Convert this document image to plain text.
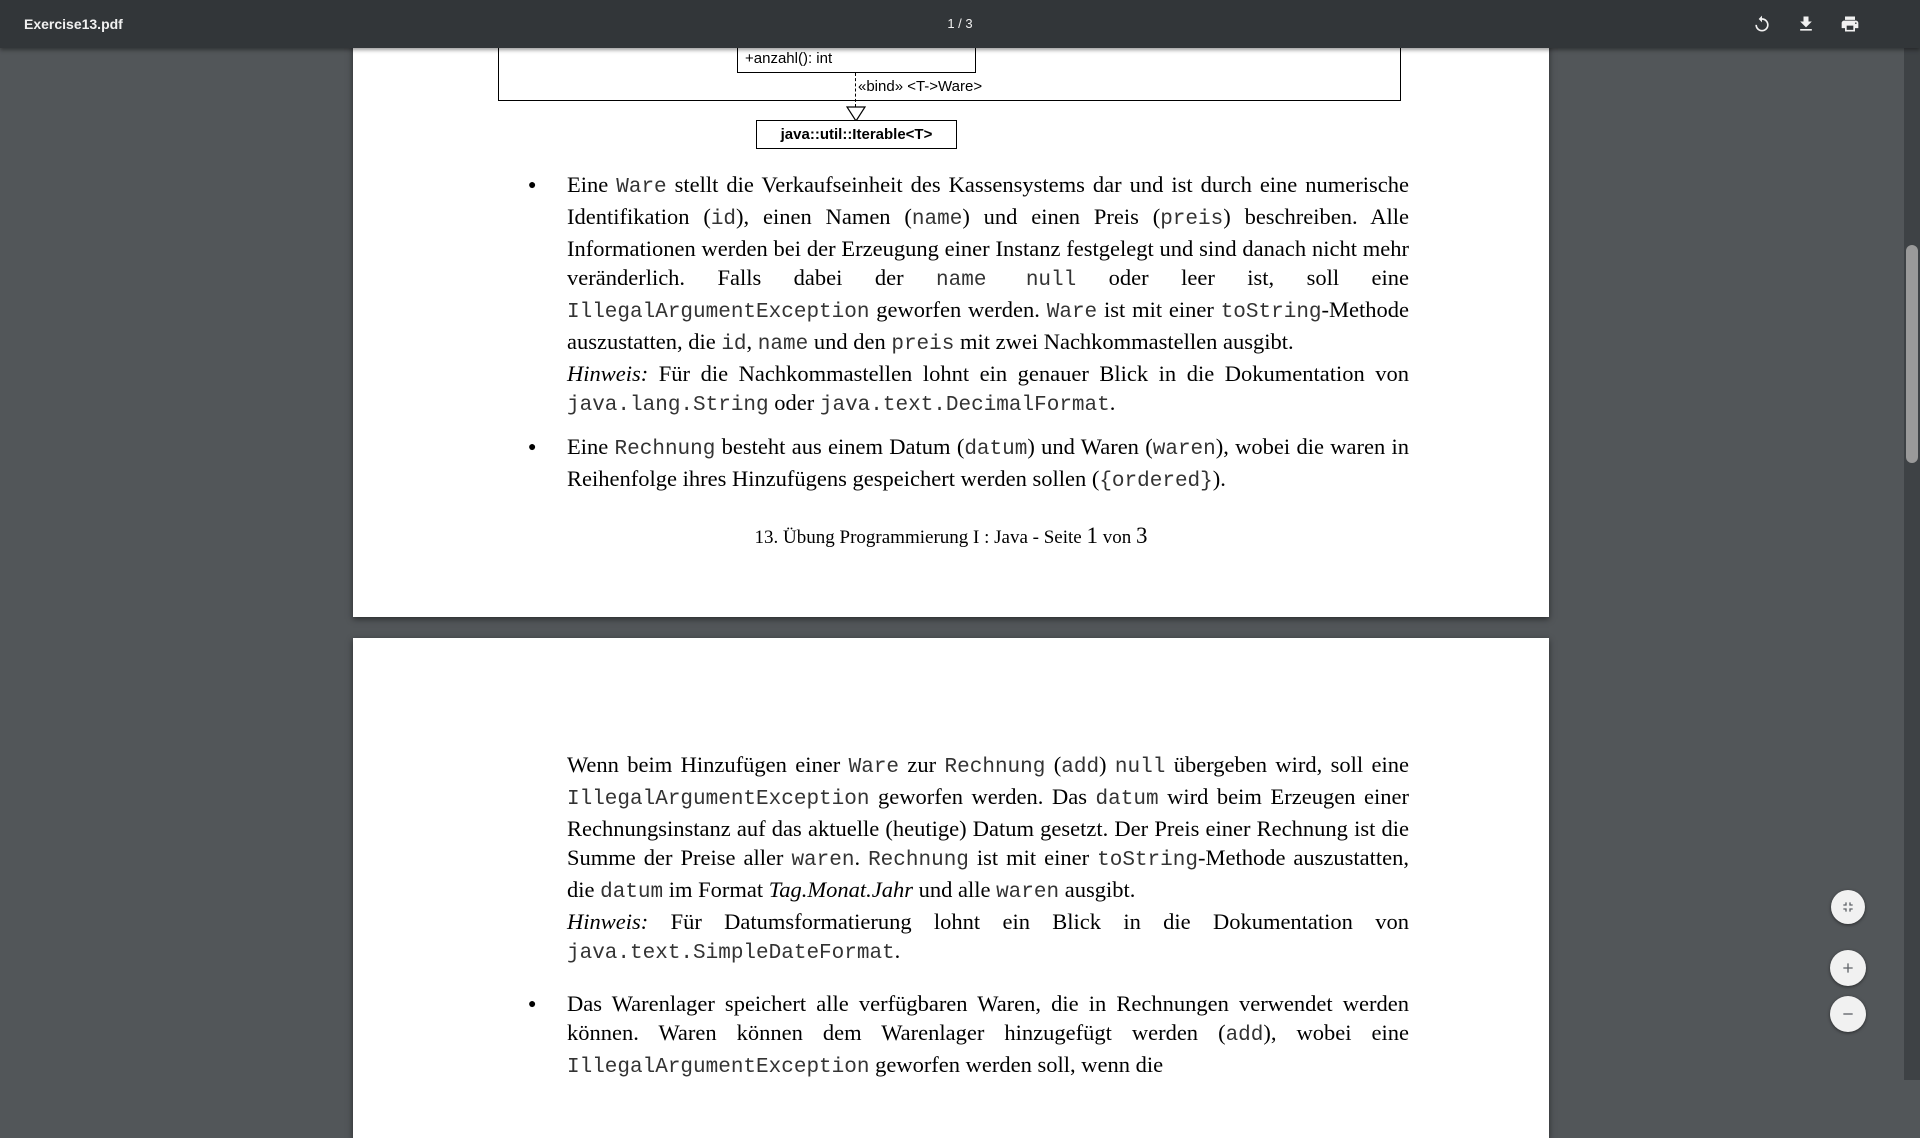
Exercise13.pdf	1 / 3
+anzahl(): int
«bind» <T->Ware>
java::util::Iterable<T>
● Eine Ware stellt die Verkaufseinheit des Kassensystems dar und ist durch eine numerische Identifikation (id), einen Namen (name) und einen Preis (preis) beschreiben. Alle Informationen werden bei der Erzeugung einer Instanz festgelegt und sind danach nicht mehr veränderlich. Falls dabei der name null oder leer ist, soll eine IllegalArgumentException geworfen werden. Ware ist mit einer toString-Methode auszustatten, die id, name und den preis mit zwei Nachkommastellen ausgibt.

Hinweis: Für die Nachkommastellen lohnt ein genauer Blick in die Dokumentation von java.lang.String oder java.text.DecimalFormat.

● Eine Rechnung besteht aus einem Datum (datum) und Waren (waren), wobei die waren in Reihenfolge ihres Hinzufügens gespeichert werden sollen ({ordered}).

13. Übung Programmierung I : Java - Seite 1 von 3

Wenn beim Hinzufügen einer Ware zur Rechnung (add) null übergeben wird, soll eine IllegalArgumentException geworfen werden. Das datum wird beim Erzeugen einer Rechnungsinstanz auf das aktuelle (heutige) Datum gesetzt. Der Preis einer Rechnung ist die Summe der Preise aller waren. Rechnung ist mit einer toString-Methode auszustatten, die datum im Format Tag.Monat.Jahr und alle waren ausgibt.

Hinweis: Für Datumsformatierung lohnt ein Blick in die Dokumentation von java.text.SimpleDateFormat.

● Das Warenlager speichert alle verfügbaren Waren, die in Rechnungen verwendet werden können. Waren können dem Warenlager hinzugefügt werden (add), wobei eine IllegalArgumentException geworfen werden soll, wenn die
